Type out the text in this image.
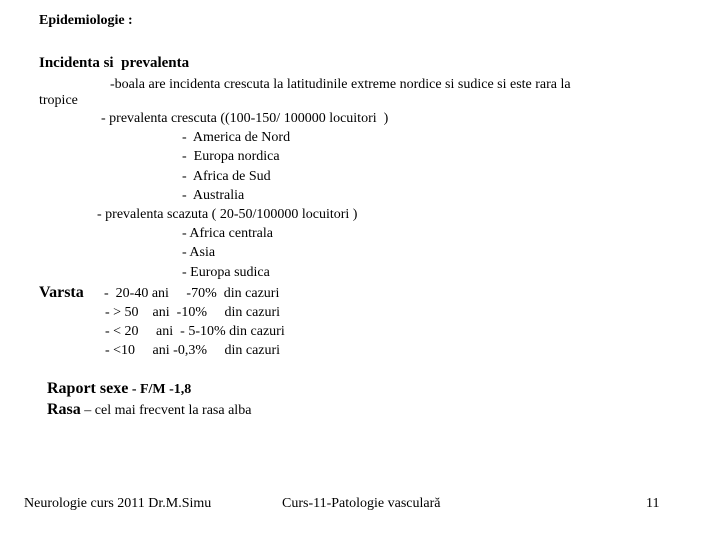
Epidemiologie :
Incidenta si  prevalenta
-boala are incidenta crescuta la latitudinile extreme nordice si sudice si este rara la
tropice
- prevalenta crescuta ((100-150/ 100000 locuitori  )
-  America de Nord
-  Europa nordica
-  Africa de Sud
-  Australia
- prevalenta scazuta ( 20-50/100000 locuitori )
- Africa centrala
- Asia
- Europa sudica
Varsta -  20-40 ani     -70%  din cazuri
- > 50    ani  -10%     din cazuri
- < 20     ani  - 5-10% din cazuri
- <10     ani -0,3%     din cazuri

Raport sexe - F/M -1,8

Rasa – cel mai frecvent la rasa alba

Neurologie curs 2011 Dr.M.Simu	Curs-11-Patologie vasculară	11
